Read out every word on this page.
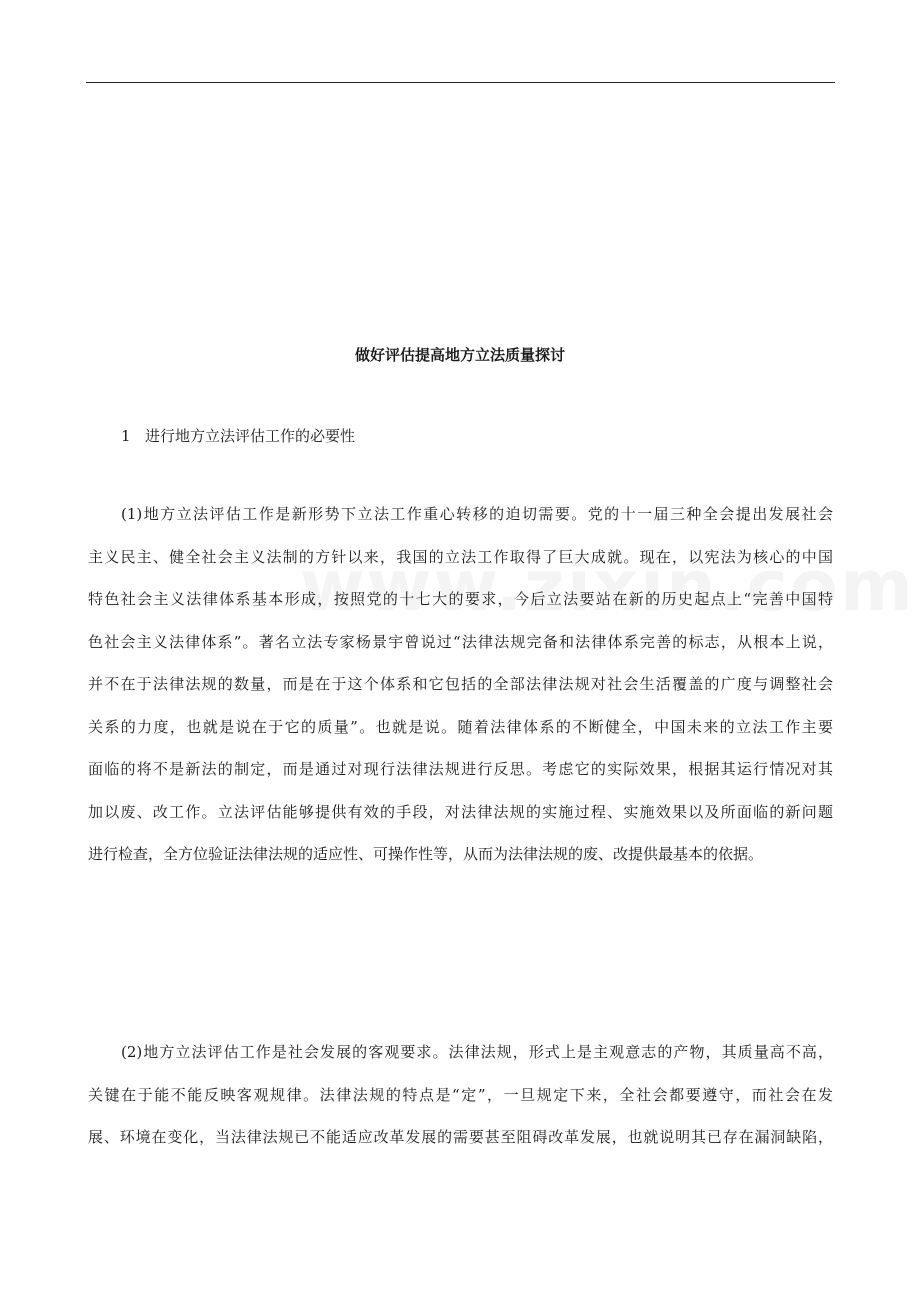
做好评估提高地方立法质量探讨
1 进行地方立法评估工作的必要性
(1)地方立法评估工作是新形势下立法工作重心转移的迫切需要。党的十一届三种全会提出发展社会
主义民主、健全社会主义法制的方针以来，我国的立法工作取得了巨大成就。现在，以宪法为核心的中国
特色社会主义法律体系基本形成，按照党的十七大的要求，今后立法要站在新的历史起点上“完善中国特
色社会主义法律体系”。著名立法专家杨景宇曾说过“法律法规完备和法律体系完善的标志，从根本上说，
并不在于法律法规的数量，而是在于这个体系和它包括的全部法律法规对社会生活覆盖的广度与调整社会
关系的力度，也就是说在于它的质量”。也就是说。随着法律体系的不断健全，中国未来的立法工作主要
面临的将不是新法的制定，而是通过对现行法律法规进行反思。考虑它的实际效果，根据其运行情况对其
加以废、改工作。立法评估能够提供有效的手段，对法律法规的实施过程、实施效果以及所面临的新问题
进行检查，全方位验证法律法规的适应性、可操作性等，从而为法律法规的废、改提供最基本的依据。
(2)地方立法评估工作是社会发展的客观要求。法律法规，形式上是主观意志的产物，其质量高不高，
关键在于能不能反映客观规律。法律法规的特点是“定”，一旦规定下来，全社会都要遵守，而社会在发
展、环境在变化，当法律法规已不能适应改革发展的需要甚至阻碍改革发展，也就说明其已存在漏洞缺陷，
